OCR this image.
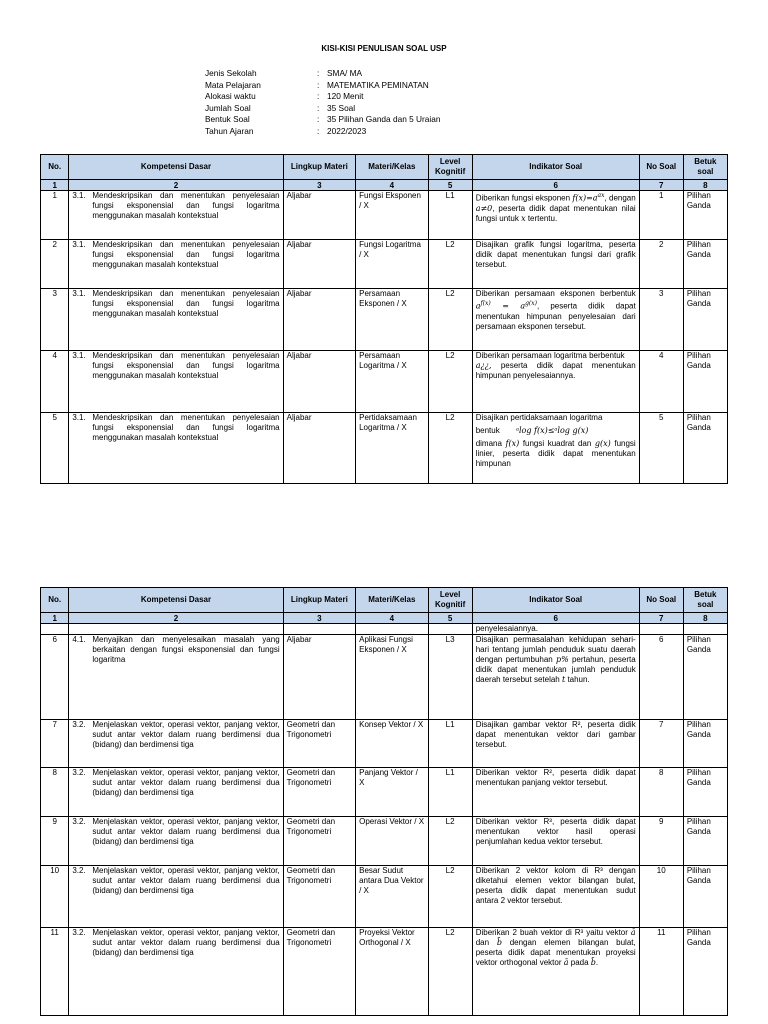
KISI-KISI PENULISAN SOAL USP
Jenis Sekolah	: SMA/ MA
Mata Pelajaran	: MATEMATIKA PEMINATAN
Alokasi waktu	: 120 Menit
Jumlah Soal	: 35 Soal
Bentuk Soal	: 35 Pilihan Ganda dan 5 Uraian
Tahun Ajaran	: 2022/2023
No.	Kompetensi Dasar	Lingkup Materi	Materi/Kelas	Level Kognitif	Indikator Soal	No Soal	Betuk soal
1	2	3	4	5	6	7	8
1	3.1. Mendeskripsikan dan menentukan penyelesaian fungsi eksponensial dan fungsi logaritma menggunakan masalah kontekstual	Aljabar	Fungsi Eksponen / X	L1	Diberikan fungsi eksponen $f(x)=a^{ax}$, dengan a≠0, peserta didik dapat menentukan nilai fungsi untuk x tertentu.	1	Pilihan Ganda
2	3.1. Mendeskripsikan dan menentukan penyelesaian fungsi eksponensial dan fungsi logaritma menggunakan masalah kontekstual	Aljabar	Fungsi Logaritma / X	L2	Disajikan grafik fungsi logaritma, peserta didik dapat menentukan fungsi dari grafik tersebut.	2	Pilihan Ganda
3	3.1. Mendeskripsikan dan menentukan penyelesaian fungsi eksponensial dan fungsi logaritma menggunakan masalah kontekstual	Aljabar	Persamaan Eksponen / X	L2	Diberikan persamaan eksponen berbentuk $a^{f(x)} = a^{g(x)}$, peserta didik dapat menentukan himpunan penyelesaian dari persamaan eksponen tersebut.	3	Pilihan Ganda
4	3.1. Mendeskripsikan dan menentukan penyelesaian fungsi eksponensial dan fungsi logaritma menggunakan masalah kontekstual	Aljabar	Persamaan Logaritma / X	L2	Diberikan persamaan logaritma berbentuk
a¿¿, peserta didik dapat menentukan himpunan penyelesaiannya.	4	Pilihan Ganda
5	3.1. Mendeskripsikan dan menentukan penyelesaian fungsi eksponensial dan fungsi logaritma menggunakan masalah kontekstual	Aljabar	Pertidaksamaan Logaritma / X	L2	Disajikan pertidaksamaan logaritma
bentuk ᵃlog f(x)≤ᵃlog g(x)
dimana f(x) fungsi kuadrat dan g(x) fungsi linier, peserta didik dapat menentukan himpunan	5	Pilihan Ganda
No.	Kompetensi Dasar	Lingkup Materi	Materi/Kelas	Level Kognitif	Indikator Soal	No Soal	Betuk soal
1	2	3	4	5	6	7	8
					penyelesaiannya.		
6	4.1. Menyajikan dan menyelesaikan masalah yang berkaitan dengan fungsi eksponensial dan fungsi logaritma	Aljabar	Aplikasi Fungsi Eksponen / X	L3	Disajikan permasalahan kehidupan sehari-hari tentang jumlah penduduk suatu daerah dengan pertumbuhan p% pertahun, peserta didik dapat menentukan jumlah penduduk daerah tersebut setelah t tahun.	6	Pilihan Ganda
7	3.2. Menjelaskan vektor, operasi vektor, panjang vektor, sudut antar vektor dalam ruang berdimensi dua (bidang) dan berdimensi tiga	Geometri dan Trigonometri	Konsep Vektor / X	L1	Disajikan gambar vektor R², peserta didik dapat menentukan vektor dari gambar tersebut.	7	Pilihan Ganda
8	3.2. Menjelaskan vektor, operasi vektor, panjang vektor, sudut antar vektor dalam ruang berdimensi dua (bidang) dan berdimensi tiga	Geometri dan Trigonometri	Panjang Vektor / X	L1	Diberikan vektor R², peserta didik dapat menentukan panjang vektor tersebut.	8	Pilihan Ganda
9	3.2. Menjelaskan vektor, operasi vektor, panjang vektor, sudut antar vektor dalam ruang berdimensi dua (bidang) dan berdimensi tiga	Geometri dan Trigonometri	Operasi Vektor / X	L2	Diberikan vektor R³, peserta didik dapat menentukan vektor hasil operasi penjumlahan kedua vektor tersebut.	9	Pilihan Ganda
10	3.2. Menjelaskan vektor, operasi vektor, panjang vektor, sudut antar vektor dalam ruang berdimensi dua (bidang) dan berdimensi tiga	Geometri dan Trigonometri	Besar Sudut antara Dua Vektor / X	L2	Diberikan 2 vektor kolom di R³ dengan diketahui elemen vektor bilangan bulat, peserta didik dapat menentukan sudut antara 2 vektor tersebut.	10	Pilihan Ganda
11	3.2. Menjelaskan vektor, operasi vektor, panjang vektor, sudut antar vektor dalam ruang berdimensi dua (bidang) dan berdimensi tiga	Geometri dan Trigonometri	Proyeksi Vektor Orthogonal / X	L2	Diberikan 2 buah vektor di R³ yaitu vektor ā dan b̄ dengan elemen bilangan bulat, peserta didik dapat menentukan proyeksi vektor orthogonal vektor ā pada b̄.	11	Pilihan Ganda
